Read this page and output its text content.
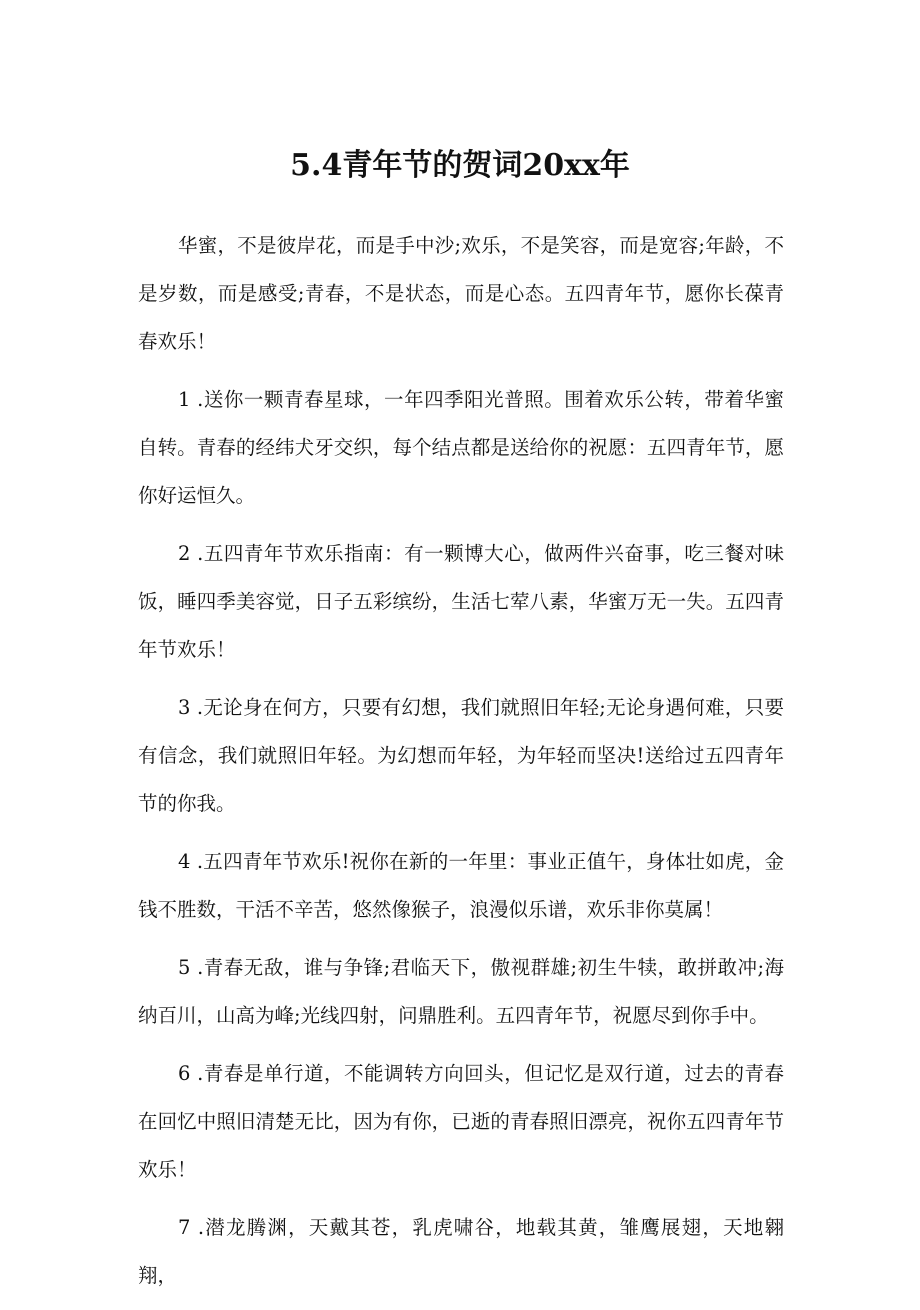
5.4青年节的贺词20xx年

华蜜，不是彼岸花，而是手中沙;欢乐，不是笑容，而是宽容;年龄，不是岁数，而是感受;青春，不是状态，而是心态。五四青年节，愿你长葆青春欢乐！

1 .送你一颗青春星球，一年四季阳光普照。围着欢乐公转，带着华蜜自转。青春的经纬犬牙交织，每个结点都是送给你的祝愿：五四青年节，愿你好运恒久。

2 .五四青年节欢乐指南：有一颗博大心，做两件兴奋事，吃三餐对味饭，睡四季美容觉，日子五彩缤纷，生活七荤八素，华蜜万无一失。五四青年节欢乐！

3 .无论身在何方，只要有幻想，我们就照旧年轻;无论身遇何难，只要有信念，我们就照旧年轻。为幻想而年轻，为年轻而坚决!送给过五四青年节的你我。

4 .五四青年节欢乐!祝你在新的一年里：事业正值午，身体壮如虎，金钱不胜数，干活不辛苦，悠然像猴子，浪漫似乐谱，欢乐非你莫属！

5 .青春无敌，谁与争锋;君临天下，傲视群雄;初生牛犊，敢拼敢冲;海纳百川，山高为峰;光线四射，问鼎胜利。五四青年节，祝愿尽到你手中。

6 .青春是单行道，不能调转方向回头，但记忆是双行道，过去的青春在回忆中照旧清楚无比，因为有你，已逝的青春照旧漂亮，祝你五四青年节欢乐！

7 .潜龙腾渊，天戴其苍，乳虎啸谷，地载其黄，雏鹰展翅，天地翱翔，
